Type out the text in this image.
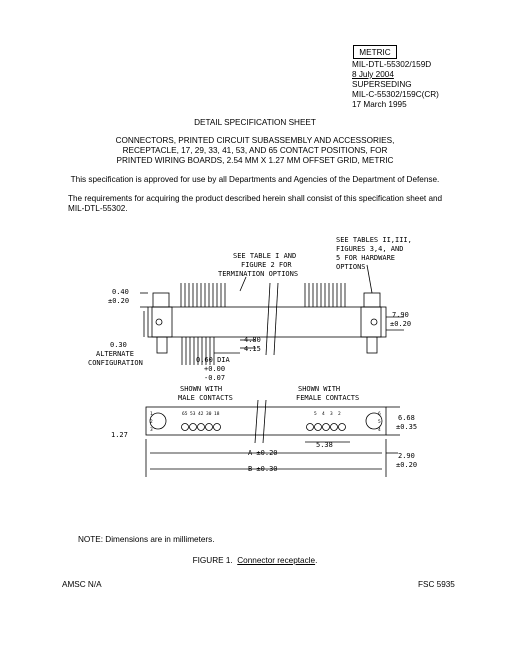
METRIC
MIL-DTL-55302/159D
8 July 2004
SUPERSEDING
MIL-C-55302/159C(CR)
17 March 1995
DETAIL SPECIFICATION SHEET
CONNECTORS, PRINTED CIRCUIT SUBASSEMBLY AND ACCESSORIES,
RECEPTACLE, 17, 29, 33, 41, 53, AND 65 CONTACT POSITIONS, FOR
PRINTED WIRING BOARDS, 2.54 MM X 1.27 MM OFFSET GRID, METRIC
This specification is approved for use by all Departments and Agencies of the Department of Defense.
The requirements for acquiring the product described herein shall consist of this specification sheet and
MIL-DTL-55302.
SEE TABLE I AND
FIGURE 2 FOR
TERMINATION OPTIONS
SEE TABLES II,III,
FIGURES 3,4, AND
5 FOR HARDWARE
OPTIONS
0.40
±0.20
7.90
±0.20
4.80
4.15
0.30
ALTERNATE
CONFIGURATION	0.60 DIA
+0.00
-0.07
SHOWN WITH
MALE CONTACTS
SHOWN WITH
FEMALE CONTACTS
1.27
5.38
A ±0.20
B ±0.30
6.68
±0.35
2.90
±0.20
65 53 42 30 18	5 4 3 2
1
2
3
6
5
4
NOTE: Dimensions are in millimeters.
FIGURE 1. Connector receptacle.
AMSC N/A	FSC 5935
